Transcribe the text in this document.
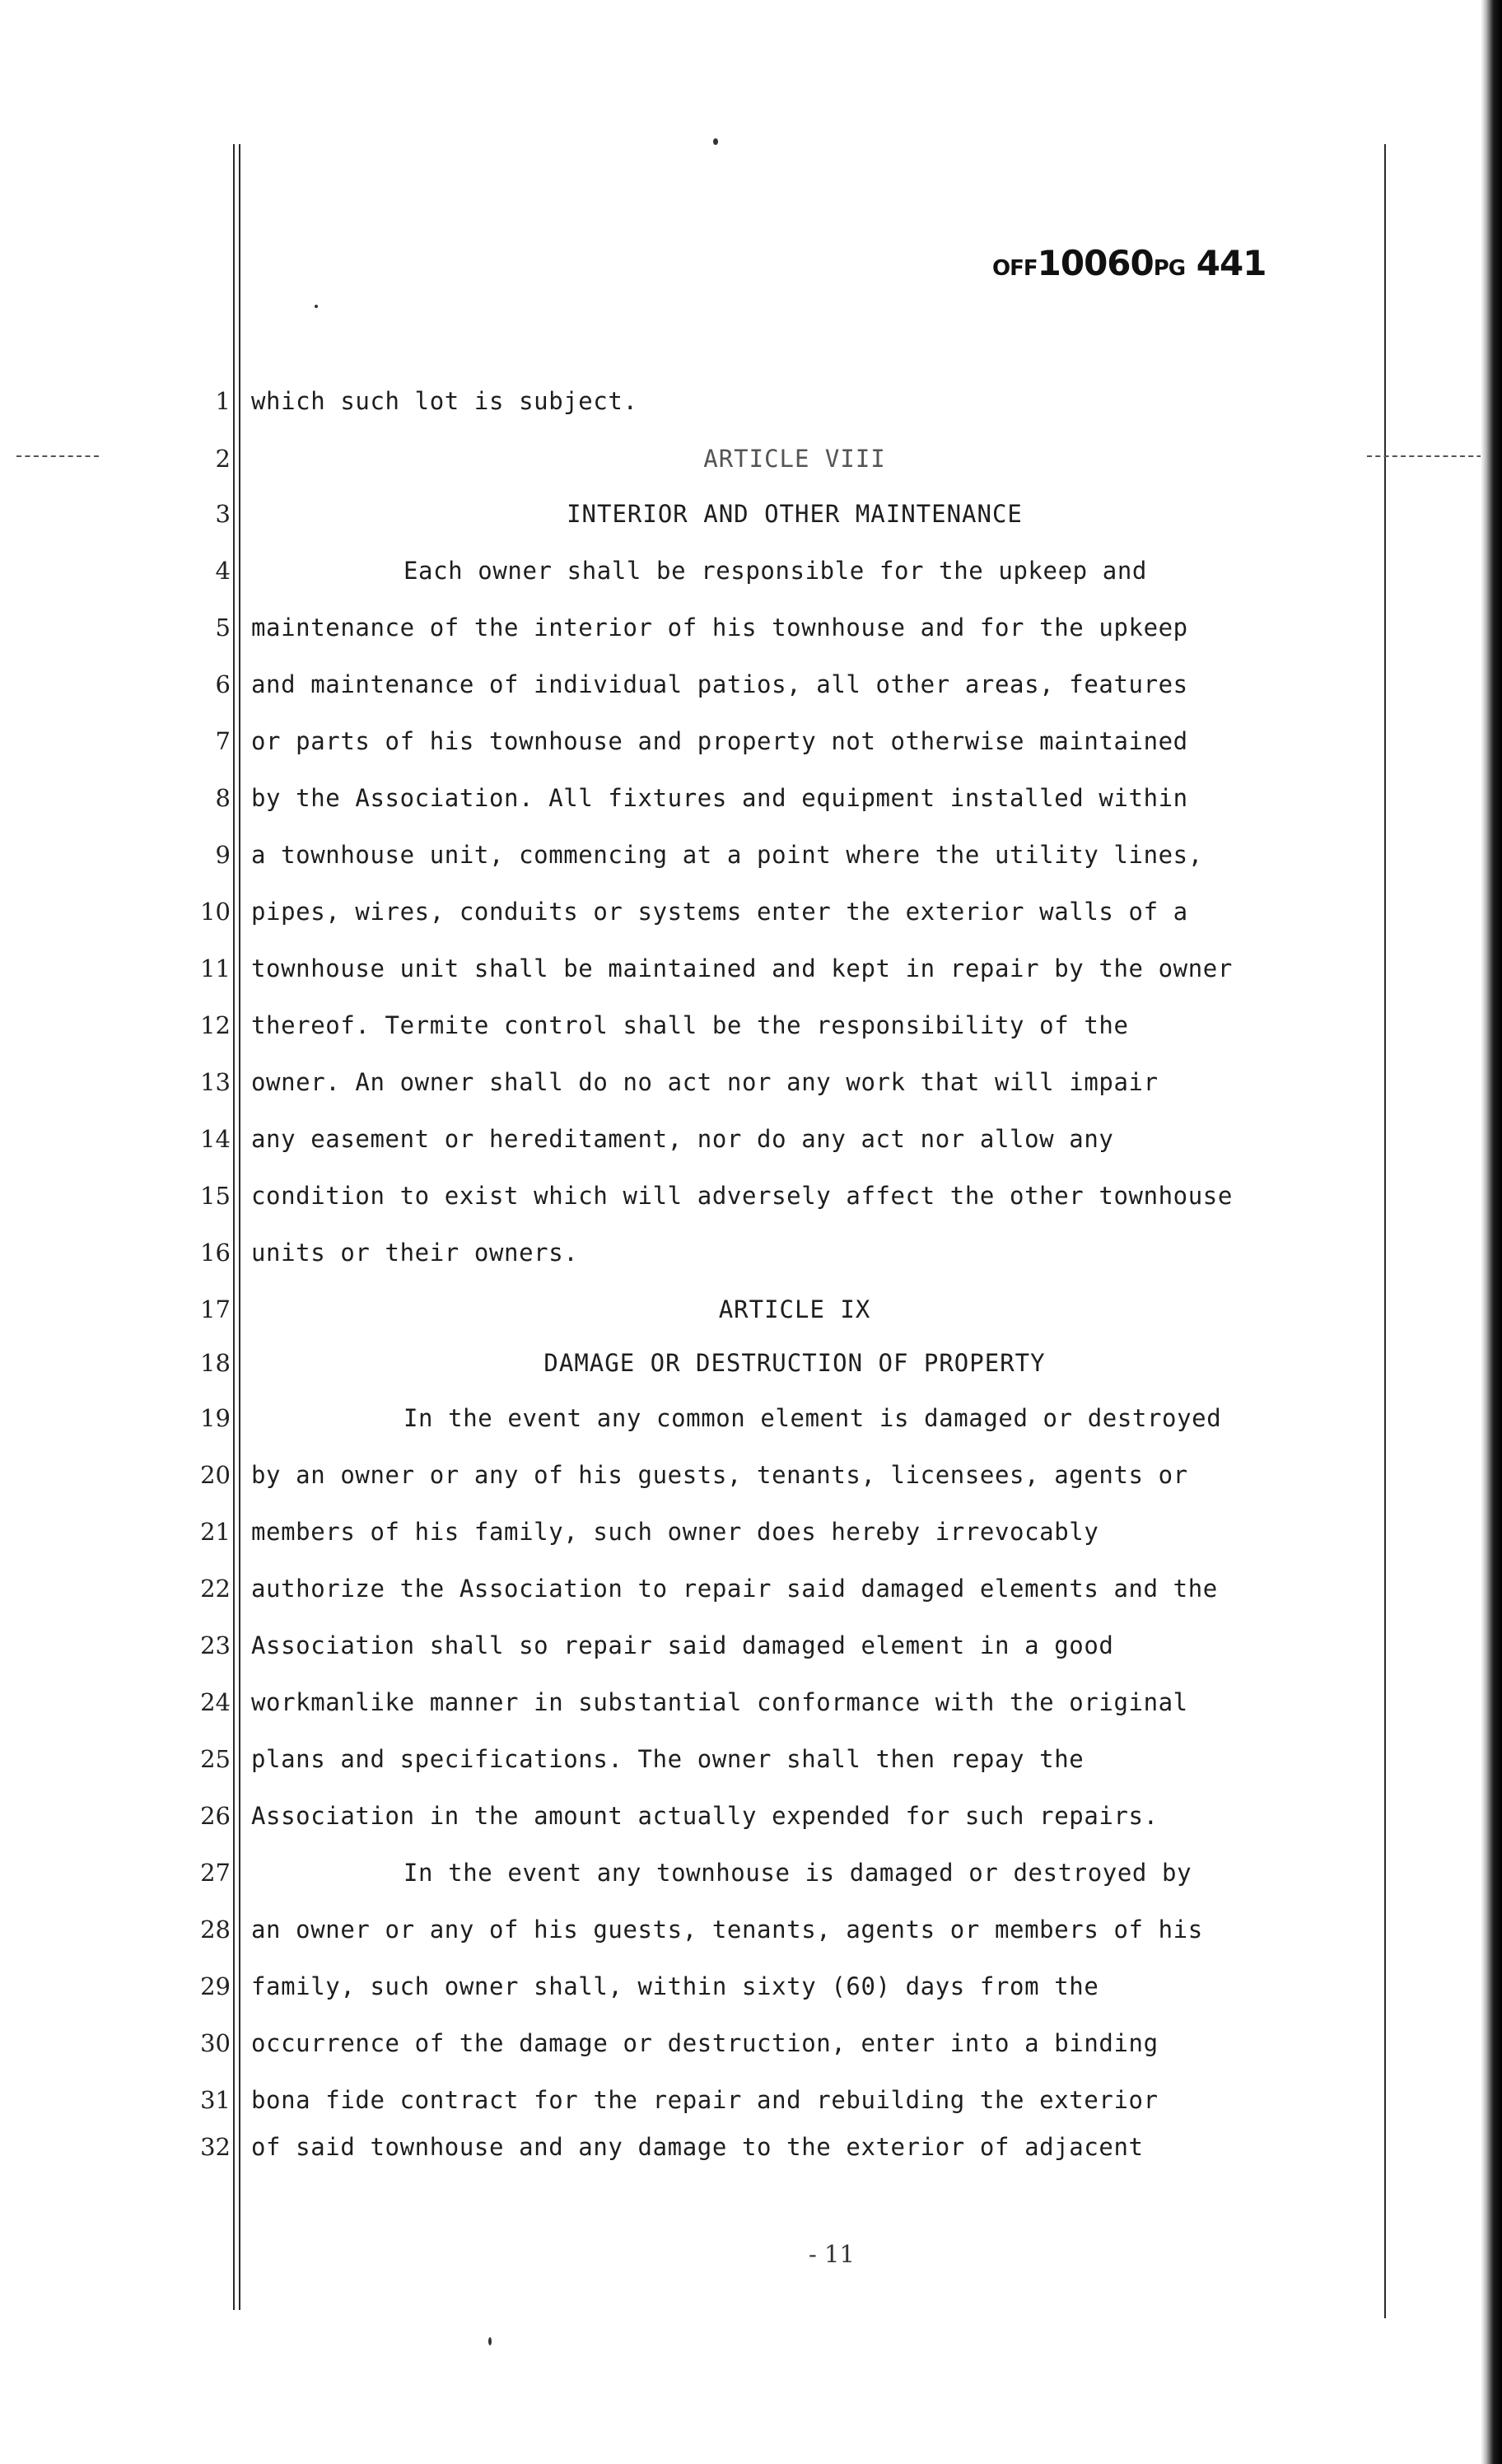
OFF10060PG 441
1
2
3
4
5
6
7
8
9
10
11
12
13
14
15
16
17
18
19
20
21
22
23
24
25
26
27
28
29
30
31
32
which such lot is subject.
ARTICLE VIII
INTERIOR AND OTHER MAINTENANCE
Each owner shall be responsible for the upkeep and
maintenance of the interior of his townhouse and for the upkeep
and maintenance of individual patios, all other areas, features
or parts of his townhouse and property not otherwise maintained
by the Association. All fixtures and equipment installed within
a townhouse unit, commencing at a point where the utility lines,
pipes, wires, conduits or systems enter the exterior walls of a
townhouse unit shall be maintained and kept in repair by the owner
thereof. Termite control shall be the responsibility of the
owner. An owner shall do no act nor any work that will impair
any easement or hereditament, nor do any act nor allow any
condition to exist which will adversely affect the other townhouse
units or their owners.
ARTICLE IX
DAMAGE OR DESTRUCTION OF PROPERTY
In the event any common element is damaged or destroyed
by an owner or any of his guests, tenants, licensees, agents or
members of his family, such owner does hereby irrevocably
authorize the Association to repair said damaged elements and the
Association shall so repair said damaged element in a good
workmanlike manner in substantial conformance with the original
plans and specifications. The owner shall then repay the
Association in the amount actually expended for such repairs.
In the event any townhouse is damaged or destroyed by
an owner or any of his guests, tenants, agents or members of his
family, such owner shall, within sixty (60) days from the
occurrence of the damage or destruction, enter into a binding
bona fide contract for the repair and rebuilding the exterior
of said townhouse and any damage to the exterior of adjacent
- 11
